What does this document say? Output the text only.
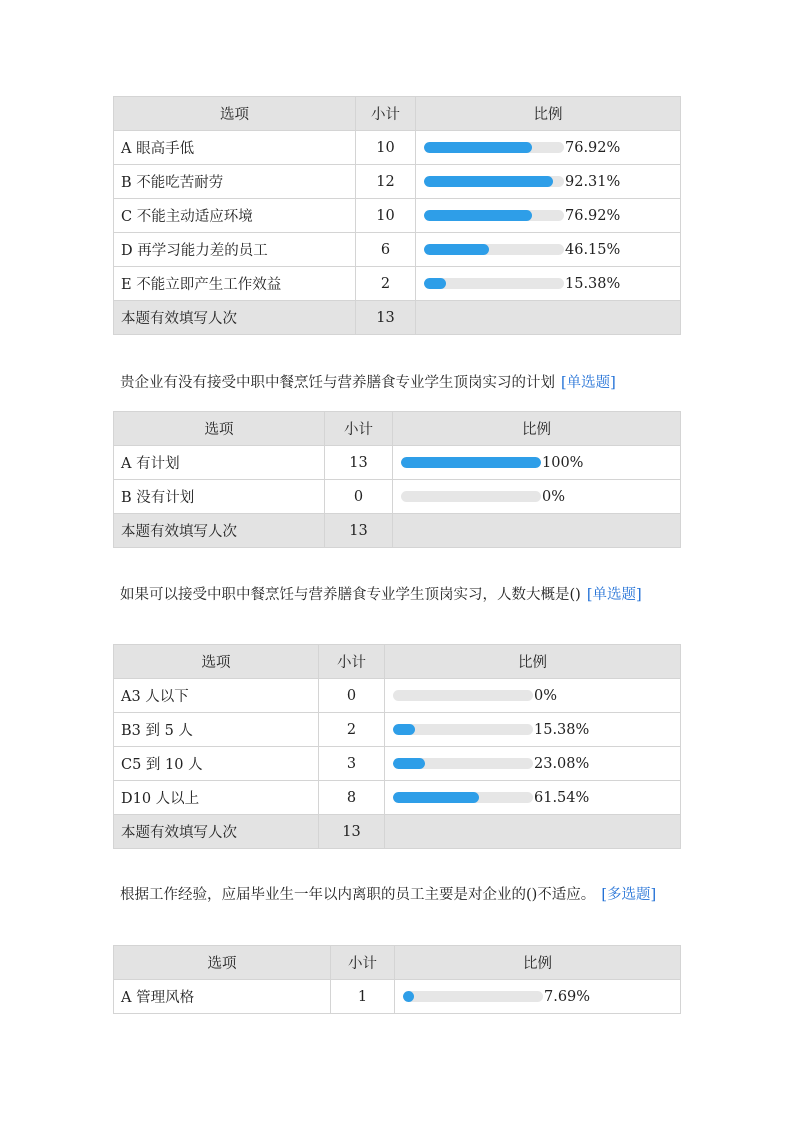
选项	小计	比例
A 眼高手低	10	76.92%

B 不能吃苦耐劳	12	92.31%

C 不能主动适应环境	10	76.92%

D 再学习能力差的员工	6	46.15%

E 不能立即产生工作效益	2	15.38%

本题有效填写人次	13	
贵企业有没有接受中职中餐烹饪与营养膳食专业学生顶岗实习的计划 [单选题]
选项	小计	比例
A 有计划	13	100%

B 没有计划	0	0%

本题有效填写人次	13	
如果可以接受中职中餐烹饪与营养膳食专业学生顶岗实习，人数大概是() [单选题]
选项	小计	比例
A3 人以下	0	0%

B3 到 5 人	2	15.38%

C5 到 10 人	3	23.08%

D10 人以上	8	61.54%

本题有效填写人次	13	
根据工作经验，应届毕业生一年以内离职的员工主要是对企业的()不适应。 [多选题]
选项	小计	比例
A 管理风格	1	7.69%
